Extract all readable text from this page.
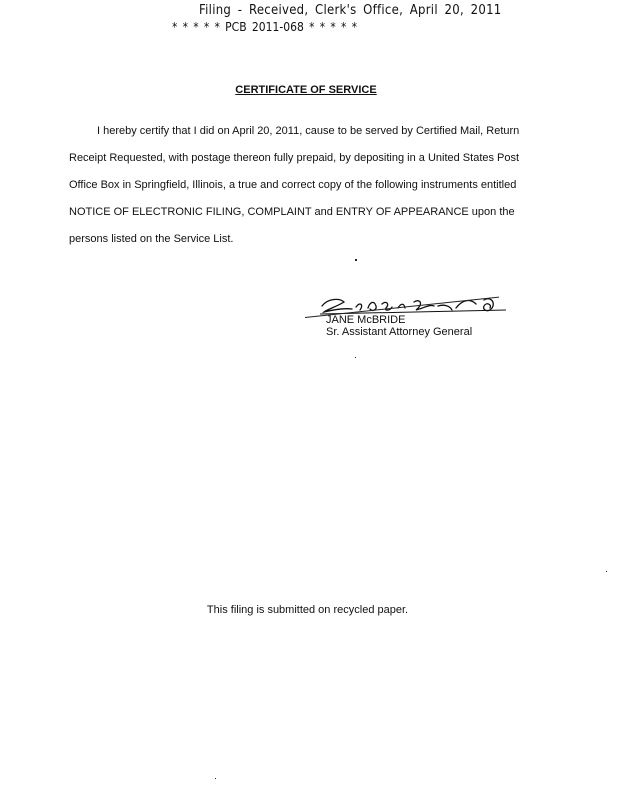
Filing - Received, Clerk's Office, April 20, 2011
* * * * * PCB 2011-068 * * * * *
CERTIFICATE OF SERVICE

I hereby certify that I did on April 20, 2011, cause to be served by Certified Mail, Return
Receipt Requested, with postage thereon fully prepaid, by depositing in a United States Post
Office Box in Springfield, Illinois, a true and correct copy of the following instruments entitled
NOTICE OF ELECTRONIC FILING, COMPLAINT and ENTRY OF APPEARANCE upon the
persons listed on the Service List.

JANE McBRIDE
Sr. Assistant Attorney General
This filing is submitted on recycled paper.
